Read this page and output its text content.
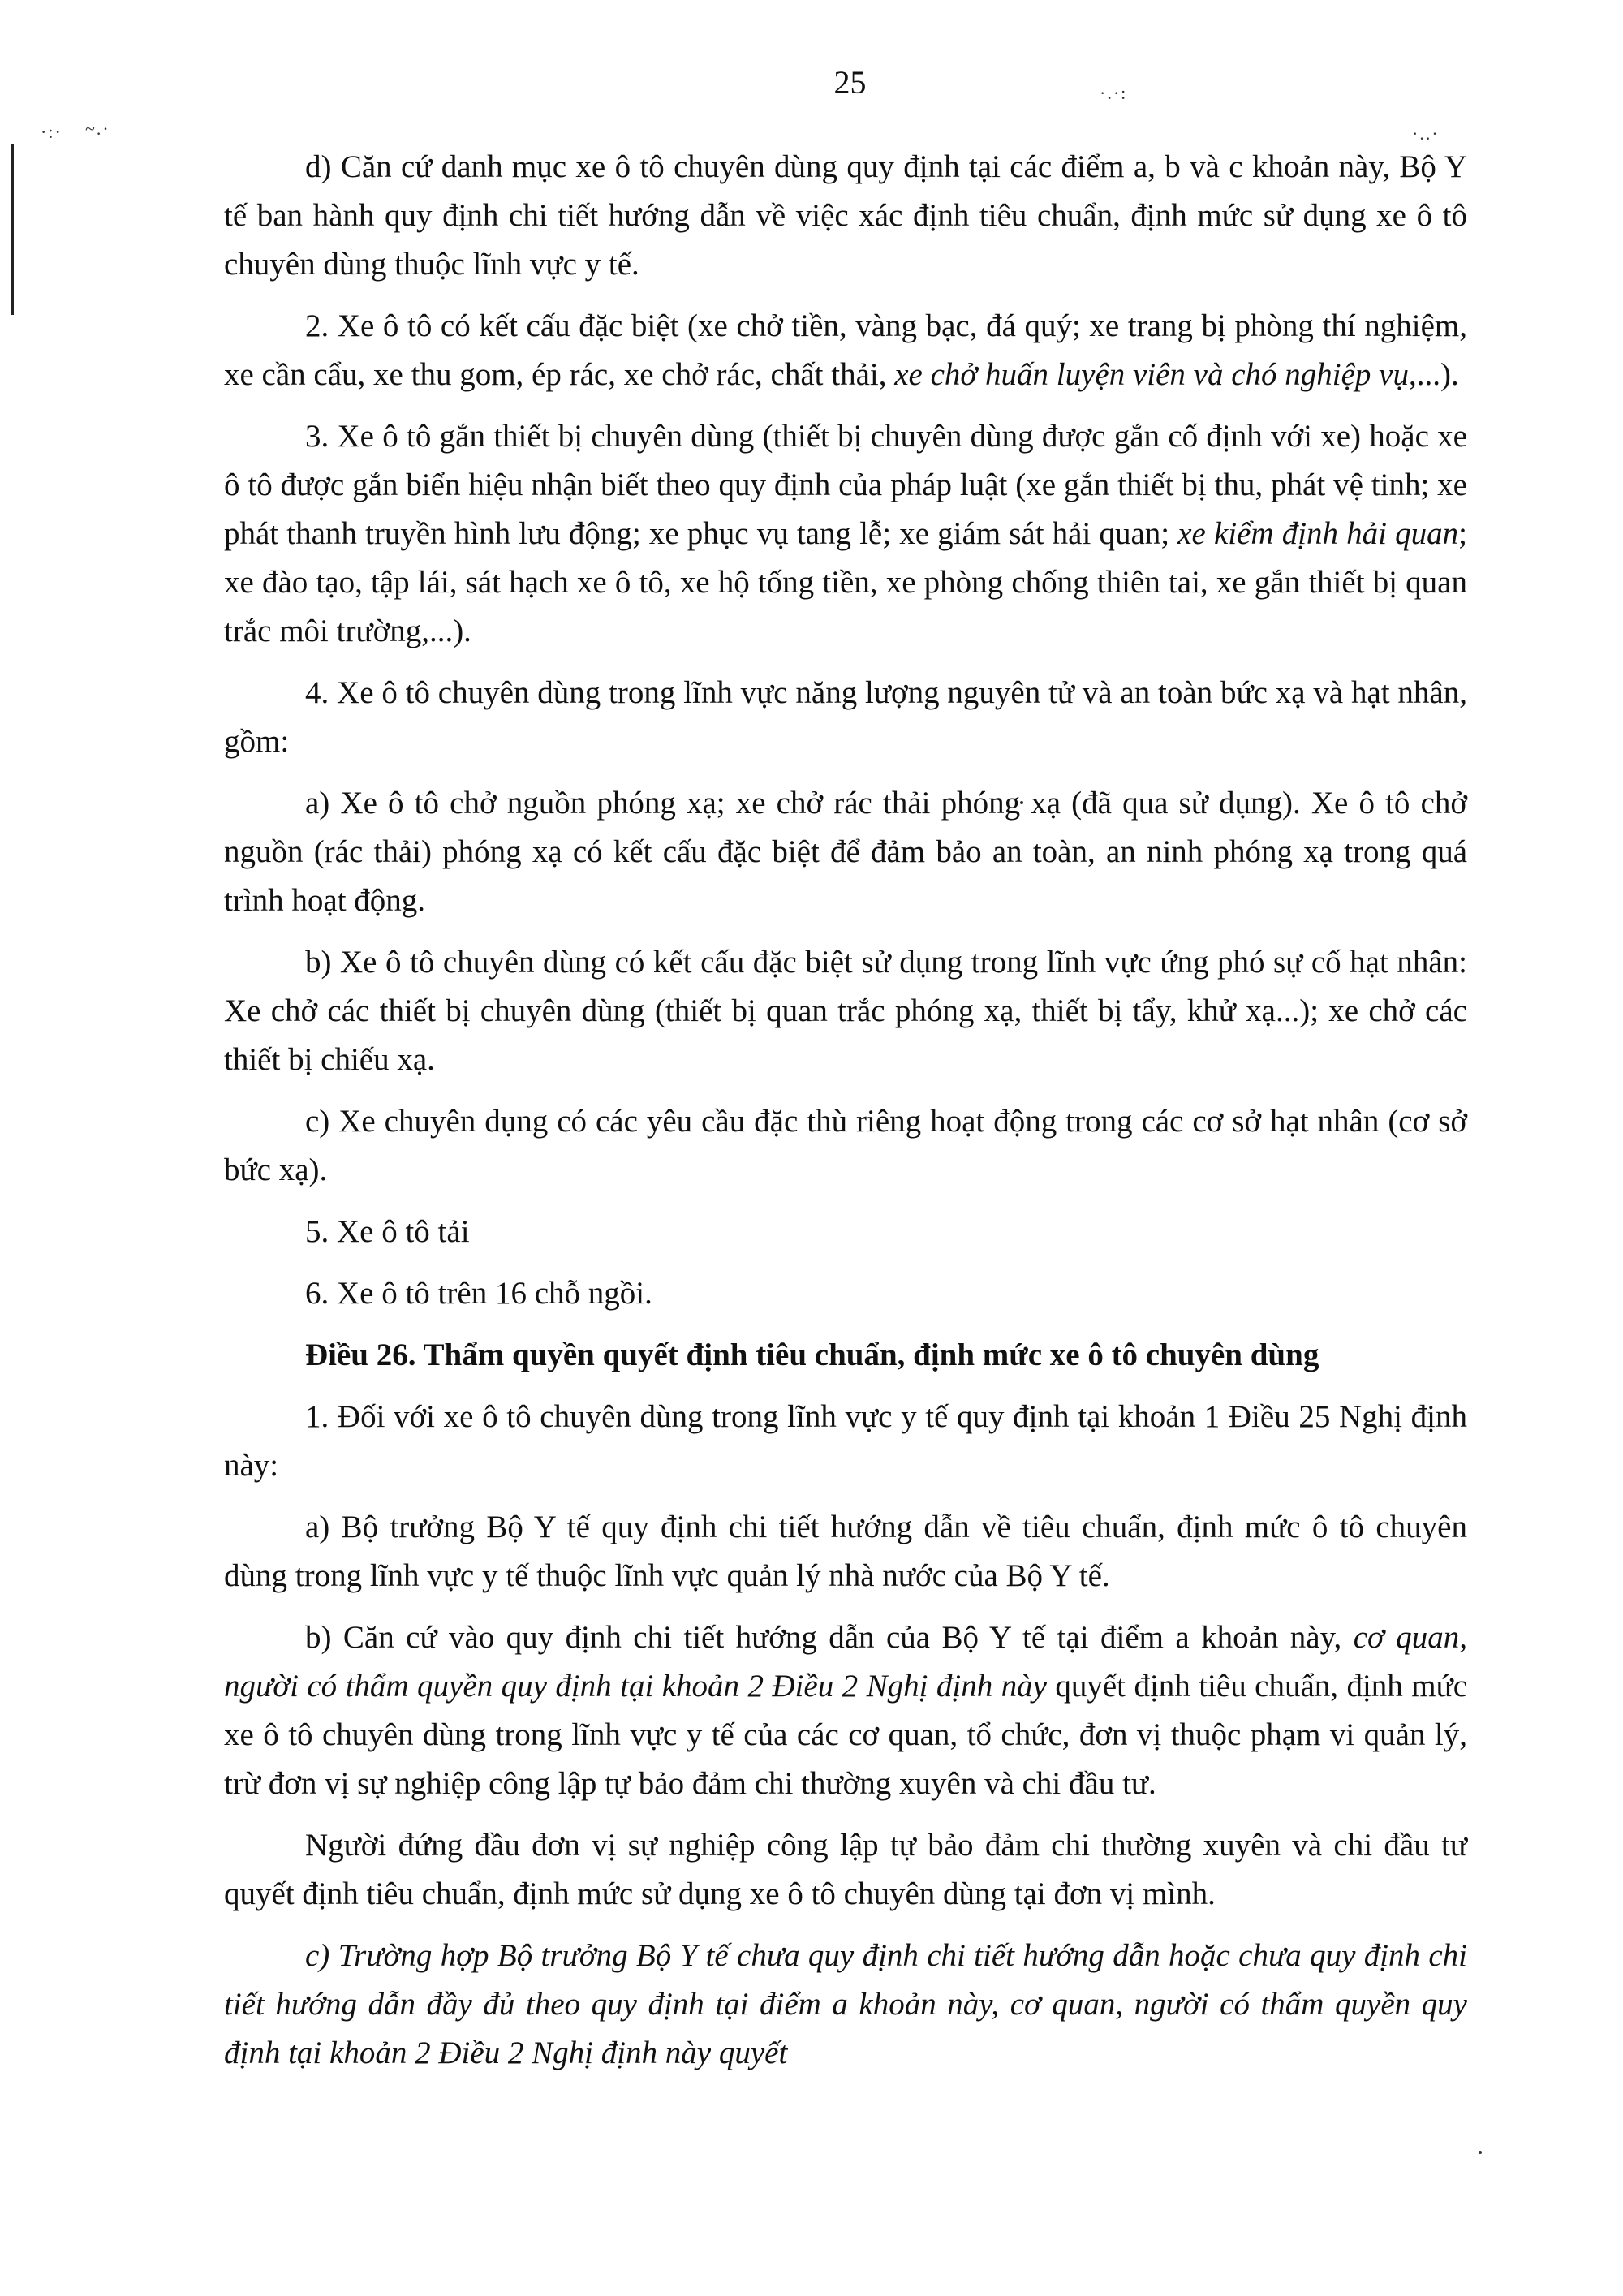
·:· ~.·
·.·:
·..·
25

d) Căn cứ danh mục xe ô tô chuyên dùng quy định tại các điểm a, b và c khoản này, Bộ Y tế ban hành quy định chi tiết hướng dẫn về việc xác định tiêu chuẩn, định mức sử dụng xe ô tô chuyên dùng thuộc lĩnh vực y tế.

2. Xe ô tô có kết cấu đặc biệt (xe chở tiền, vàng bạc, đá quý; xe trang bị phòng thí nghiệm, xe cần cẩu, xe thu gom, ép rác, xe chở rác, chất thải, xe chở huấn luyện viên và chó nghiệp vụ,...).

3. Xe ô tô gắn thiết bị chuyên dùng (thiết bị chuyên dùng được gắn cố định với xe) hoặc xe ô tô được gắn biển hiệu nhận biết theo quy định của pháp luật (xe gắn thiết bị thu, phát vệ tinh; xe phát thanh truyền hình lưu động; xe phục vụ tang lễ; xe giám sát hải quan; xe kiểm định hải quan; xe đào tạo, tập lái, sát hạch xe ô tô, xe hộ tống tiền, xe phòng chống thiên tai, xe gắn thiết bị quan trắc môi trường,...).

4. Xe ô tô chuyên dùng trong lĩnh vực năng lượng nguyên tử và an toàn bức xạ và hạt nhân, gồm:

a) Xe ô tô chở nguồn phóng xạ; xe chở rác thải phóng xạ (đã qua sử dụng). Xe ô tô chở nguồn (rác thải) phóng xạ có kết cấu đặc biệt để đảm bảo an toàn, an ninh phóng xạ trong quá trình hoạt động.

b) Xe ô tô chuyên dùng có kết cấu đặc biệt sử dụng trong lĩnh vực ứng phó sự cố hạt nhân: Xe chở các thiết bị chuyên dùng (thiết bị quan trắc phóng xạ, thiết bị tẩy, khử xạ...); xe chở các thiết bị chiếu xạ.

c) Xe chuyên dụng có các yêu cầu đặc thù riêng hoạt động trong các cơ sở hạt nhân (cơ sở bức xạ).

5. Xe ô tô tải

6. Xe ô tô trên 16 chỗ ngồi.

Điều 26. Thẩm quyền quyết định tiêu chuẩn, định mức xe ô tô chuyên dùng

1. Đối với xe ô tô chuyên dùng trong lĩnh vực y tế quy định tại khoản 1 Điều 25 Nghị định này:

a) Bộ trưởng Bộ Y tế quy định chi tiết hướng dẫn về tiêu chuẩn, định mức ô tô chuyên dùng trong lĩnh vực y tế thuộc lĩnh vực quản lý nhà nước của Bộ Y tế.

b) Căn cứ vào quy định chi tiết hướng dẫn của Bộ Y tế tại điểm a khoản này, cơ quan, người có thẩm quyền quy định tại khoản 2 Điều 2 Nghị định này quyết định tiêu chuẩn, định mức xe ô tô chuyên dùng trong lĩnh vực y tế của các cơ quan, tổ chức, đơn vị thuộc phạm vi quản lý, trừ đơn vị sự nghiệp công lập tự bảo đảm chi thường xuyên và chi đầu tư.

Người đứng đầu đơn vị sự nghiệp công lập tự bảo đảm chi thường xuyên và chi đầu tư quyết định tiêu chuẩn, định mức sử dụng xe ô tô chuyên dùng tại đơn vị mình.

c) Trường hợp Bộ trưởng Bộ Y tế chưa quy định chi tiết hướng dẫn hoặc chưa quy định chi tiết hướng dẫn đầy đủ theo quy định tại điểm a khoản này, cơ quan, người có thẩm quyền quy định tại khoản 2 Điều 2 Nghị định này quyết
